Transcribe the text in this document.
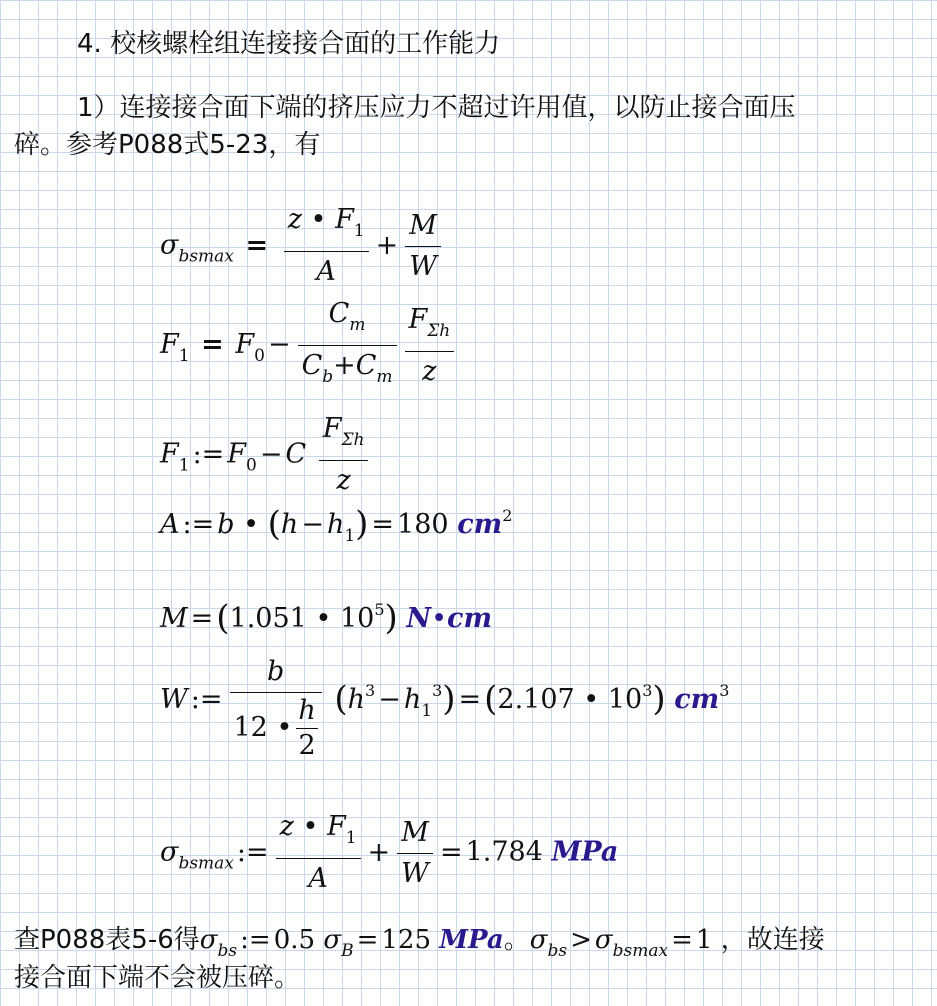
4. 校核螺栓组连接接合面的工作能力
1）连接接合面下端的挤压应力不超过许用值，以防止接合面压
碎。参考P088式5-23，有
$\sigma_{bsmax} = \frac{z • F_1}{A} + \frac{M}{W}$
$F_1 = F_0 - \frac{C_m}{C_b+C_m} \frac{F_{\Sigma h}}{z}$
$F_1$ := $F_0 - C \frac{F_{\Sigma h}}{z}$
A := b • $(h - h_1) = 180$ $cm^2$
M =(1.051 • $10^5$) N•cm
W := $\frac{b}{12 • \frac{h}{2}} (h^3 - h_1^3) =(2.107$ • $10^3$) $cm^3$
$\sigma_{bsmax}$ := $\frac{z • F_1}{A} + \frac{M}{W} = 1.784$ MPa
查P088表5-6得$\sigma_{bs}$ := 0.5 $\sigma_B = 125$ MPa。$\sigma_{bs} > \sigma_{bsmax} = 1$ ，故连接
接合面下端不会被压碎。
